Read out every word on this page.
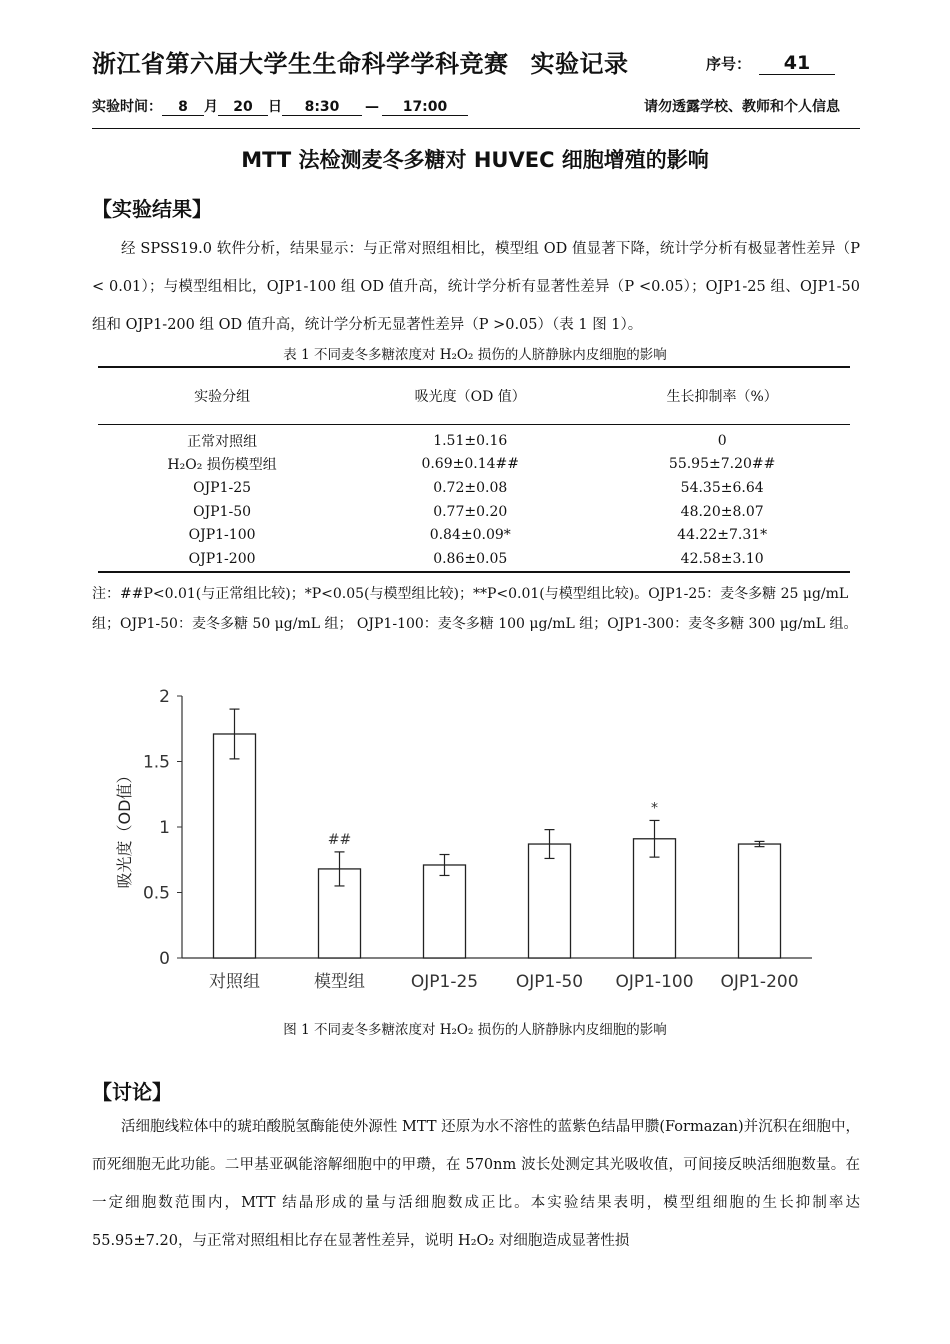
浙江省第六届大学生生命科学学科竞赛 实验记录	序号： 41
实验时间： 8 月 20 日 8:30 — 17:00	请勿透露学校、教师和个人信息
MTT 法检测麦冬多糖对 HUVEC 细胞增殖的影响
【实验结果】

经 SPSS19.0 软件分析，结果显示：与正常对照组相比，模型组 OD 值显著下降，统计学分析有极显著性差异（P < 0.01）；与模型组相比，OJP1-100 组 OD 值升高，统计学分析有显著性差异（P <0.05）；OJP1-25 组、OJP1-50 组和 OJP1-200 组 OD 值升高，统计学分析无显著性差异（P >0.05）（表 1 图 1）。

表 1 不同麦冬多糖浓度对 H₂O₂ 损伤的人脐静脉内皮细胞的影响
实验分组	吸光度（OD 值）	生长抑制率（%）
正常对照组	1.51±0.16	0
H₂O₂ 损伤模型组	0.69±0.14##	55.95±7.20##
OJP1-25	0.72±0.08	54.35±6.64
OJP1-50	0.77±0.20	48.20±8.07
OJP1-100	0.84±0.09*	44.22±7.31*
OJP1-200	0.86±0.05	42.58±3.10
注：##P<0.01(与正常组比较)；*P<0.05(与模型组比较)；**P<0.01(与模型组比较)。OJP1-25：麦冬多糖 25 μg/mL 组；OJP1-50：麦冬多糖 50 μg/mL 组； OJP1-100：麦冬多糖 100 μg/mL 组；OJP1-300：麦冬多糖 300 μg/mL 组。
0
0.5
1
1.5
2
对照组
##
模型组	OJP1-25 OJP1-50
*
OJP1-100 OJP1-200
吸光度（OD值）
图 1 不同麦冬多糖浓度对 H₂O₂ 损伤的人脐静脉内皮细胞的影响
【讨论】

活细胞线粒体中的琥珀酸脱氢酶能使外源性 MTT 还原为水不溶性的蓝紫色结晶甲臜(Formazan)并沉积在细胞中，而死细胞无此功能。二甲基亚砜能溶解细胞中的甲瓒，在 570nm 波长处测定其光吸收值，可间接反映活细胞数量。在一定细胞数范围内，MTT 结晶形成的量与活细胞数成正比。本实验结果表明，模型组细胞的生长抑制率达 55.95±7.20，与正常对照组相比存在显著性差异，说明 H₂O₂ 对细胞造成显著性损
